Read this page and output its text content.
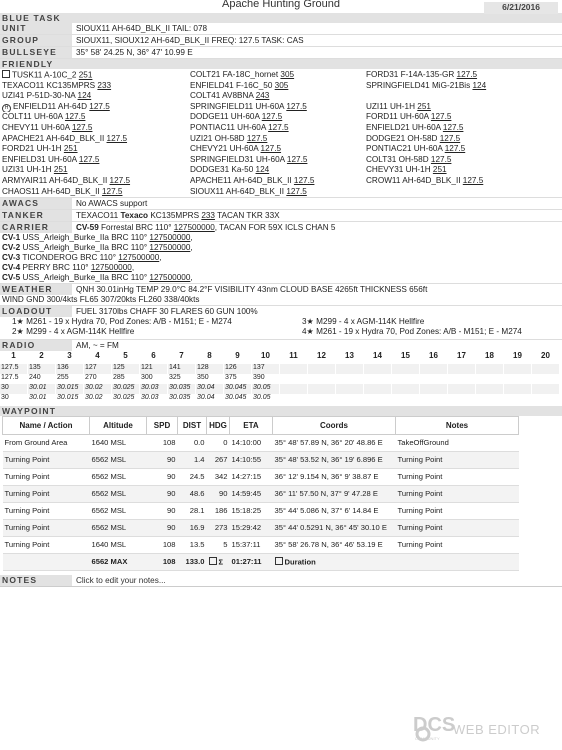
Apache Hunting Ground	6/21/2016
BLUE TASK
UNIT	SIOUX11 AH-64D_BLK_II TAIL: 078
GROUP	SIOUX11, SIOUX12 AH-64D_BLK_II FREQ: 127.5 TASK: CAS
BULLSEYE	35° 58' 24.25 N, 36° 47' 10.99 E
FRIENDLY
TUSK11 A-10C_2 251	COLT21 FA-18C_hornet 305	FORD31 F-14A-135-GR 127.5
TEXACO11 KC135MPRS 233	ENFIELD41 F-16C_50 305	SPRINGFIELD41 MiG-21Bis 124
UZI41 P-51D-30-NA 124	COLT41 AV8BNA 243
H ENFIELD11 AH-64D 127.5	SPRINGFIELD11 UH-60A 127.5	UZI11 UH-1H 251
COLT11 UH-60A 127.5	DODGE11 UH-60A 127.5	FORD11 UH-60A 127.5
CHEVY11 UH-60A 127.5	PONTIAC11 UH-60A 127.5	ENFIELD21 UH-60A 127.5
APACHE21 AH-64D_BLK_II 127.5	UZI21 OH-58D 127.5	DODGE21 OH-58D 127.5
FORD21 UH-1H 251	CHEVY21 UH-60A 127.5	PONTIAC21 UH-60A 127.5
ENFIELD31 UH-60A 127.5	SPRINGFIELD31 UH-60A 127.5	COLT31 OH-58D 127.5
UZI31 UH-1H 251	DODGE31 Ka-50 124	CHEVY31 UH-1H 251
ARMYAIR11 AH-64D_BLK_II 127.5	APACHE11 AH-64D_BLK_II 127.5	CROW11 AH-64D_BLK_II 127.5
CHAOS11 AH-64D_BLK_II 127.5	SIOUX11 AH-64D_BLK_II 127.5
AWACS	No AWACS support
TANKER	TEXACO11 Texaco KC135MPRS 233 TACAN TKR 33X
CARRIER	CV-59 Forrestal BRC 110° 127500000, TACAN FOR 59X ICLS CHAN 5
CV-1 USS_Arleigh_Burke_IIa BRC 110° 127500000,
CV-2 USS_Arleigh_Burke_IIa BRC 110° 127500000,
CV-3 TICONDEROG BRC 110° 127500000,
CV-4 PERRY BRC 110° 127500000,
CV-5 USS_Arleigh_Burke_IIa BRC 110° 127500000,
WEATHER	QNH 30.01inHg TEMP 29.0°C 84.2°F VISIBILITY 43nm CLOUD BASE 4265ft THICKNESS 656ft
WIND GND 300/4kts FL65 307/20kts FL260 338/40kts
LOADOUT	FUEL 3170lbs CHAFF 30 FLARES 60 GUN 100%
1★ M261 - 19 x Hydra 70, Pod Zones: A/B - M151; E - M274	3★ M299 - 4 x AGM-114K Hellfire
2★ M299 - 4 x AGM-114K Hellfire	4★ M261 - 19 x Hydra 70, Pod Zones: A/B - M151; E - M274
RADIO	AM, ~ = FM
1	2	3	4	5	6	7	8	9	10	11	12	13	14	15	16	17	18	19	20
127.5	135	136	127	125	121	141	128	126	137										
127.5	240	255	270	285	300	325	350	375	390										
30	30.01	30.015	30.02	30.025	30.03	30.035	30.04	30.045	30.05										
30	30.01	30.015	30.02	30.025	30.03	30.035	30.04	30.045	30.05										
WAYPOINT
Name / Action	Altitude	SPD	DIST	HDG	ETA	Coords	Notes
From Ground Area	1640 MSL	108	0.0	0	14:10:00	35° 48' 57.89 N, 36° 20' 48.86 E	TakeOffGround
Turning Point	6562 MSL	90	1.4	267	14:10:55	35° 48' 53.52 N, 36° 19' 6.896 E	Turning Point
Turning Point	6562 MSL	90	24.5	342	14:27:15	36° 12' 9.154 N, 36° 9' 38.87 E	Turning Point
Turning Point	6562 MSL	90	48.6	90	14:59:45	36° 11' 57.50 N, 37° 9' 47.28 E	Turning Point
Turning Point	6562 MSL	90	28.1	186	15:18:25	35° 44' 5.086 N, 37° 6' 14.84 E	Turning Point
Turning Point	6562 MSL	90	16.9	273	15:29:42	35° 44' 0.5291 N, 36° 45' 30.10 E	Turning Point
Turning Point	1640 MSL	108	13.5	5	15:37:11	35° 58' 26.78 N, 36° 46' 53.19 E	Turning Point
	6562 MAX	108	133.0	Σ	01:27:11	Duration	
NOTES	Click to edit your notes...
DCS
WEB EDITOR
COMMUNITY
